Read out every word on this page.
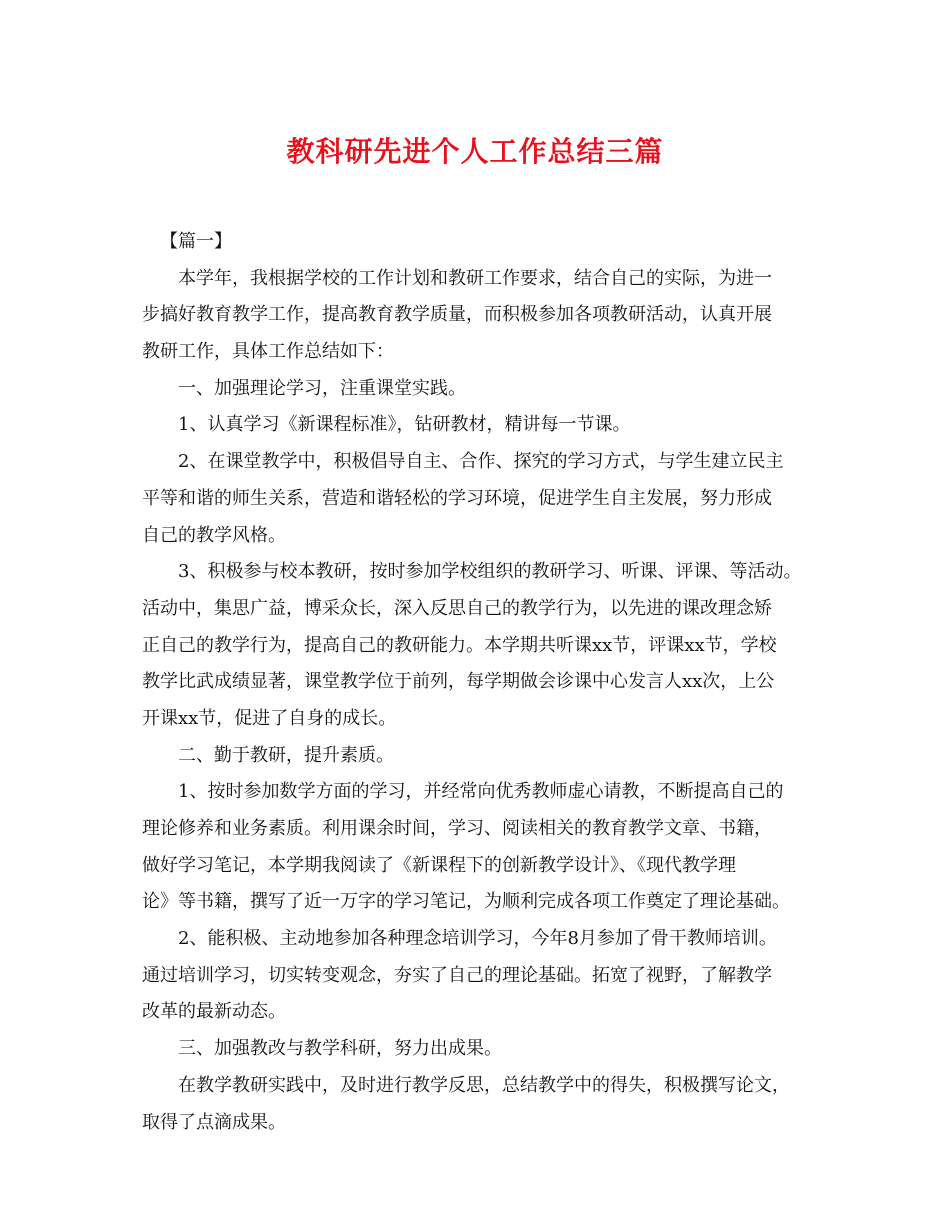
教科研先进个人工作总结三篇
【篇一】
本学年，我根据学校的工作计划和教研工作要求，结合自己的实际，为进一
步搞好教育教学工作，提高教育教学质量，而积极参加各项教研活动，认真开展
教研工作，具体工作总结如下：
一、加强理论学习，注重课堂实践。
1、认真学习《新课程标准》，钻研教材，精讲每一节课。
2、在课堂教学中，积极倡导自主、合作、探究的学习方式，与学生建立民主
平等和谐的师生关系，营造和谐轻松的学习环境，促进学生自主发展，努力形成
自己的教学风格。
3、积极参与校本教研，按时参加学校组织的教研学习、听课、评课、等活动。
活动中，集思广益，博采众长，深入反思自己的教学行为，以先进的课改理念矫
正自己的教学行为，提高自己的教研能力。本学期共听课xx节，评课xx节，学校
教学比武成绩显著，课堂教学位于前列，每学期做会诊课中心发言人xx次，上公
开课xx节，促进了自身的成长。
二、勤于教研，提升素质。
1、按时参加数学方面的学习，并经常向优秀教师虚心请教，不断提高自己的
理论修养和业务素质。利用课余时间，学习、阅读相关的教育教学文章、书籍，
做好学习笔记，本学期我阅读了《新课程下的创新教学设计》、《现代教学理
论》等书籍，撰写了近一万字的学习笔记，为顺利完成各项工作奠定了理论基础。
2、能积极、主动地参加各种理念培训学习，今年8月参加了骨干教师培训。
通过培训学习，切实转变观念，夯实了自己的理论基础。拓宽了视野，了解教学
改革的最新动态。
三、加强教改与教学科研，努力出成果。
在教学教研实践中，及时进行教学反思，总结教学中的得失，积极撰写论文，
取得了点滴成果。
